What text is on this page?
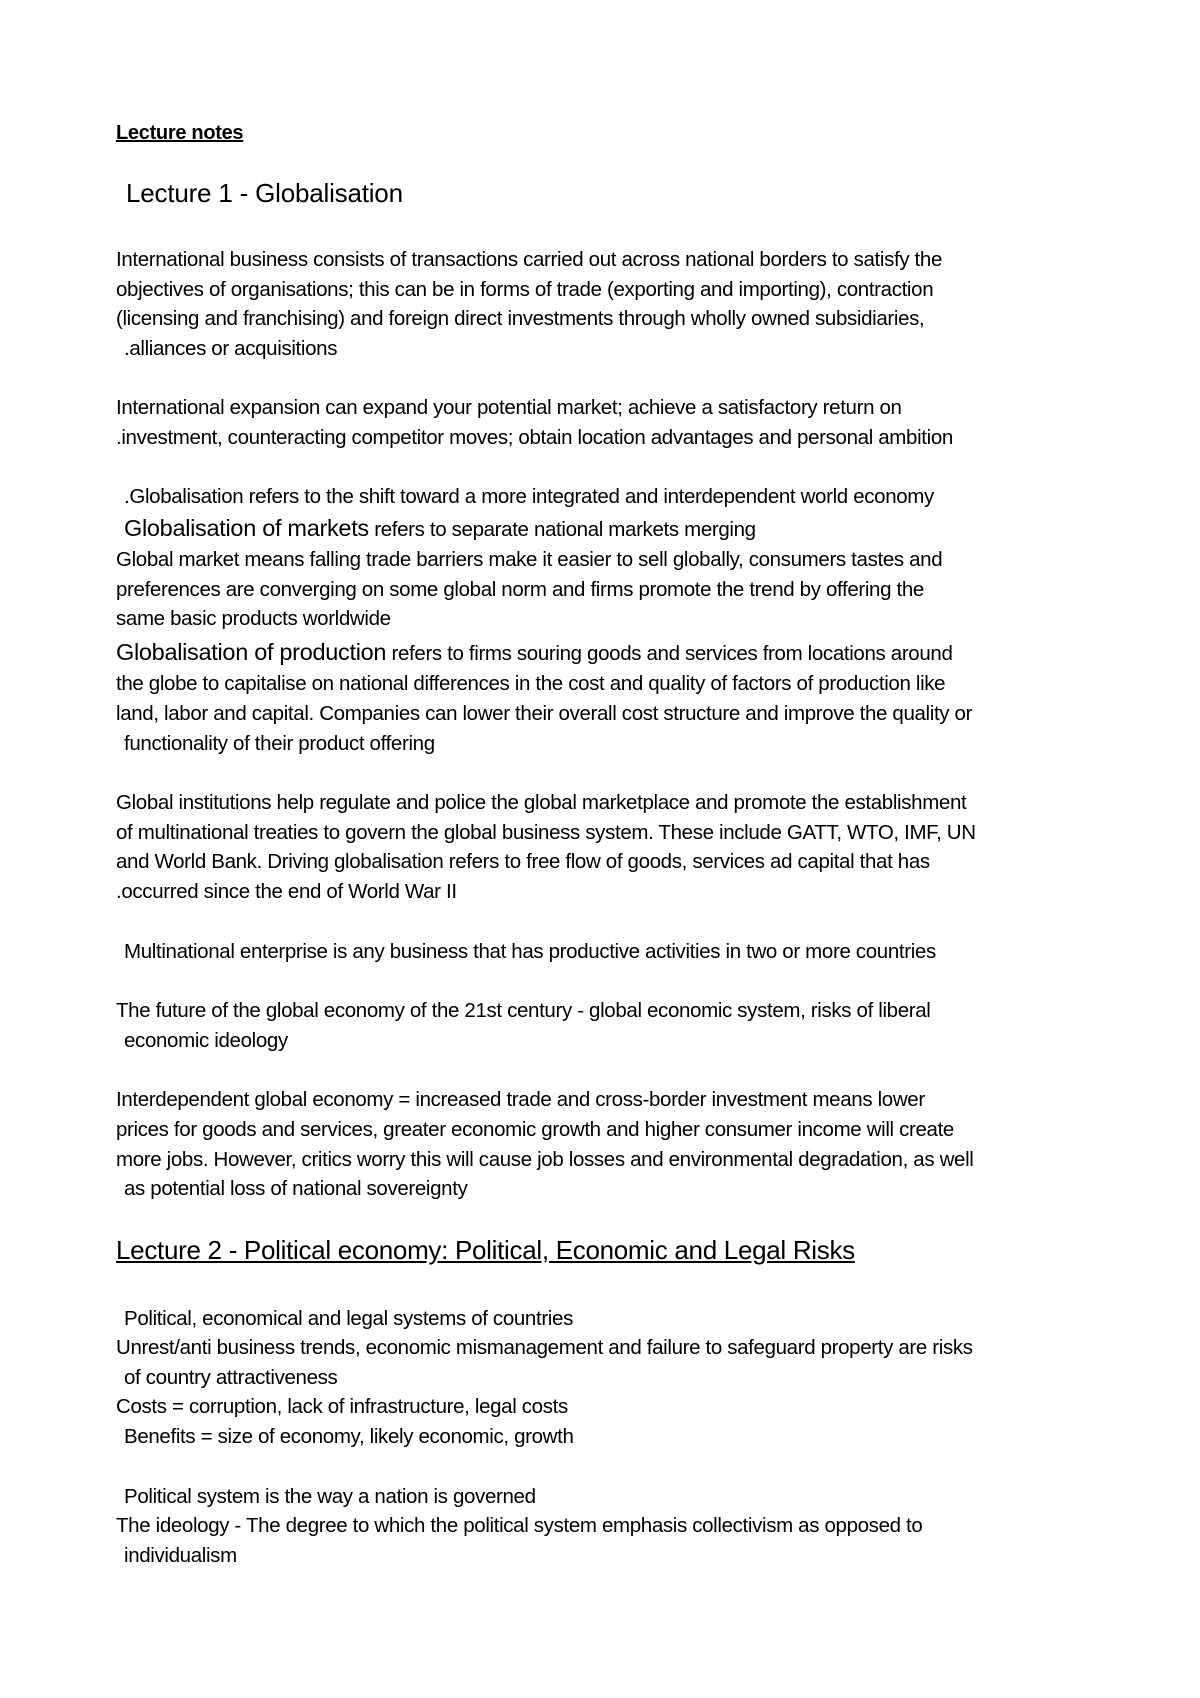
Lecture notes
Lecture 1 - Globalisation
International business consists of transactions carried out across national borders to satisfy the
objectives of organisations; this can be in forms of trade (exporting and importing), contraction
(licensing and franchising) and foreign direct investments through wholly owned subsidiaries,
.alliances or acquisitions
International expansion can expand your potential market; achieve a satisfactory return on
.investment, counteracting competitor moves; obtain location advantages and personal ambition
.Globalisation refers to the shift toward a more integrated and interdependent world economy
Globalisation of markets refers to separate national markets merging
Global market means falling trade barriers make it easier to sell globally, consumers tastes and
preferences are converging on some global norm and firms promote the trend by offering the
same basic products worldwide
Globalisation of production refers to firms souring goods and services from locations around
the globe to capitalise on national differences in the cost and quality of factors of production like
land, labor and capital. Companies can lower their overall cost structure and improve the quality or
functionality of their product offering
Global institutions help regulate and police the global marketplace and promote the establishment
of multinational treaties to govern the global business system. These include GATT, WTO, IMF, UN
and World Bank. Driving globalisation refers to free flow of goods, services ad capital that has
.occurred since the end of World War II
Multinational enterprise is any business that has productive activities in two or more countries
The future of the global economy of the 21st century - global economic system, risks of liberal
economic ideology
Interdependent global economy = increased trade and cross-border investment means lower
prices for goods and services, greater economic growth and higher consumer income will create
more jobs. However, critics worry this will cause job losses and environmental degradation, as well
as potential loss of national sovereignty
Lecture 2 - Political economy: Political, Economic and Legal Risks
Political, economical and legal systems of countries
Unrest/anti business trends, economic mismanagement and failure to safeguard property are risks
of country attractiveness
Costs = corruption, lack of infrastructure, legal costs
Benefits = size of economy, likely economic, growth
Political system is the way a nation is governed
The ideology - The degree to which the political system emphasis collectivism as opposed to
individualism
